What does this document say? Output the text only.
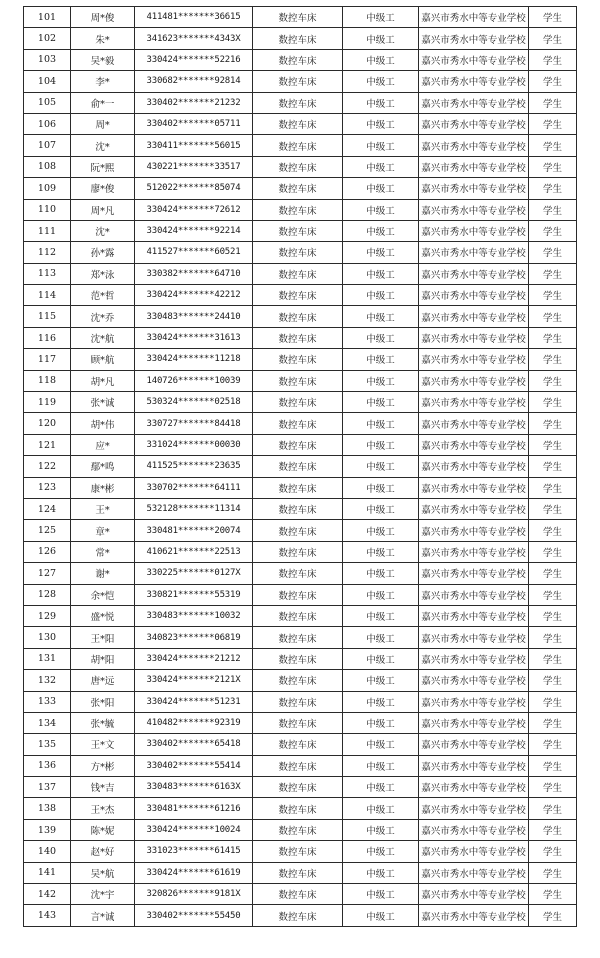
101	周*俊	411481*******36615	数控车床	中级工	嘉兴市秀水中等专业学校	学生
102	朱*	341623*******4343X	数控车床	中级工	嘉兴市秀水中等专业学校	学生
103	吴*毅	330424*******52216	数控车床	中级工	嘉兴市秀水中等专业学校	学生
104	李*	330682*******92814	数控车床	中级工	嘉兴市秀水中等专业学校	学生
105	俞*一	330402*******21232	数控车床	中级工	嘉兴市秀水中等专业学校	学生
106	周*	330402*******05711	数控车床	中级工	嘉兴市秀水中等专业学校	学生
107	沈*	330411*******56015	数控车床	中级工	嘉兴市秀水中等专业学校	学生
108	阮*熙	430221*******33517	数控车床	中级工	嘉兴市秀水中等专业学校	学生
109	廖*俊	512022*******85074	数控车床	中级工	嘉兴市秀水中等专业学校	学生
110	周*凡	330424*******72612	数控车床	中级工	嘉兴市秀水中等专业学校	学生
111	沈*	330424*******92214	数控车床	中级工	嘉兴市秀水中等专业学校	学生
112	孙*露	411527*******60521	数控车床	中级工	嘉兴市秀水中等专业学校	学生
113	郑*泳	330382*******64710	数控车床	中级工	嘉兴市秀水中等专业学校	学生
114	范*哲	330424*******42212	数控车床	中级工	嘉兴市秀水中等专业学校	学生
115	沈*乔	330483*******24410	数控车床	中级工	嘉兴市秀水中等专业学校	学生
116	沈*航	330424*******31613	数控车床	中级工	嘉兴市秀水中等专业学校	学生
117	顾*航	330424*******11218	数控车床	中级工	嘉兴市秀水中等专业学校	学生
118	胡*凡	140726*******10039	数控车床	中级工	嘉兴市秀水中等专业学校	学生
119	张*诚	530324*******02518	数控车床	中级工	嘉兴市秀水中等专业学校	学生
120	胡*伟	330727*******84418	数控车床	中级工	嘉兴市秀水中等专业学校	学生
121	应*	331024*******00030	数控车床	中级工	嘉兴市秀水中等专业学校	学生
122	鄢*鸣	411525*******23635	数控车床	中级工	嘉兴市秀水中等专业学校	学生
123	康*彬	330702*******64111	数控车床	中级工	嘉兴市秀水中等专业学校	学生
124	王*	532128*******11314	数控车床	中级工	嘉兴市秀水中等专业学校	学生
125	章*	330481*******20074	数控车床	中级工	嘉兴市秀水中等专业学校	学生
126	常*	410621*******22513	数控车床	中级工	嘉兴市秀水中等专业学校	学生
127	谢*	330225*******0127X	数控车床	中级工	嘉兴市秀水中等专业学校	学生
128	余*恺	330821*******55319	数控车床	中级工	嘉兴市秀水中等专业学校	学生
129	盛*悦	330483*******10032	数控车床	中级工	嘉兴市秀水中等专业学校	学生
130	王*阳	340823*******06819	数控车床	中级工	嘉兴市秀水中等专业学校	学生
131	胡*阳	330424*******21212	数控车床	中级工	嘉兴市秀水中等专业学校	学生
132	唐*远	330424*******2121X	数控车床	中级工	嘉兴市秀水中等专业学校	学生
133	张*阳	330424*******51231	数控车床	中级工	嘉兴市秀水中等专业学校	学生
134	张*毓	410482*******92319	数控车床	中级工	嘉兴市秀水中等专业学校	学生
135	王*文	330402*******65418	数控车床	中级工	嘉兴市秀水中等专业学校	学生
136	方*彬	330402*******55414	数控车床	中级工	嘉兴市秀水中等专业学校	学生
137	钱*吉	330483*******6163X	数控车床	中级工	嘉兴市秀水中等专业学校	学生
138	王*杰	330481*******61216	数控车床	中级工	嘉兴市秀水中等专业学校	学生
139	陈*妮	330424*******10024	数控车床	中级工	嘉兴市秀水中等专业学校	学生
140	赵*好	331023*******61415	数控车床	中级工	嘉兴市秀水中等专业学校	学生
141	吴*航	330424*******61619	数控车床	中级工	嘉兴市秀水中等专业学校	学生
142	沈*宇	320826*******9181X	数控车床	中级工	嘉兴市秀水中等专业学校	学生
143	言*诚	330402*******55450	数控车床	中级工	嘉兴市秀水中等专业学校	学生
